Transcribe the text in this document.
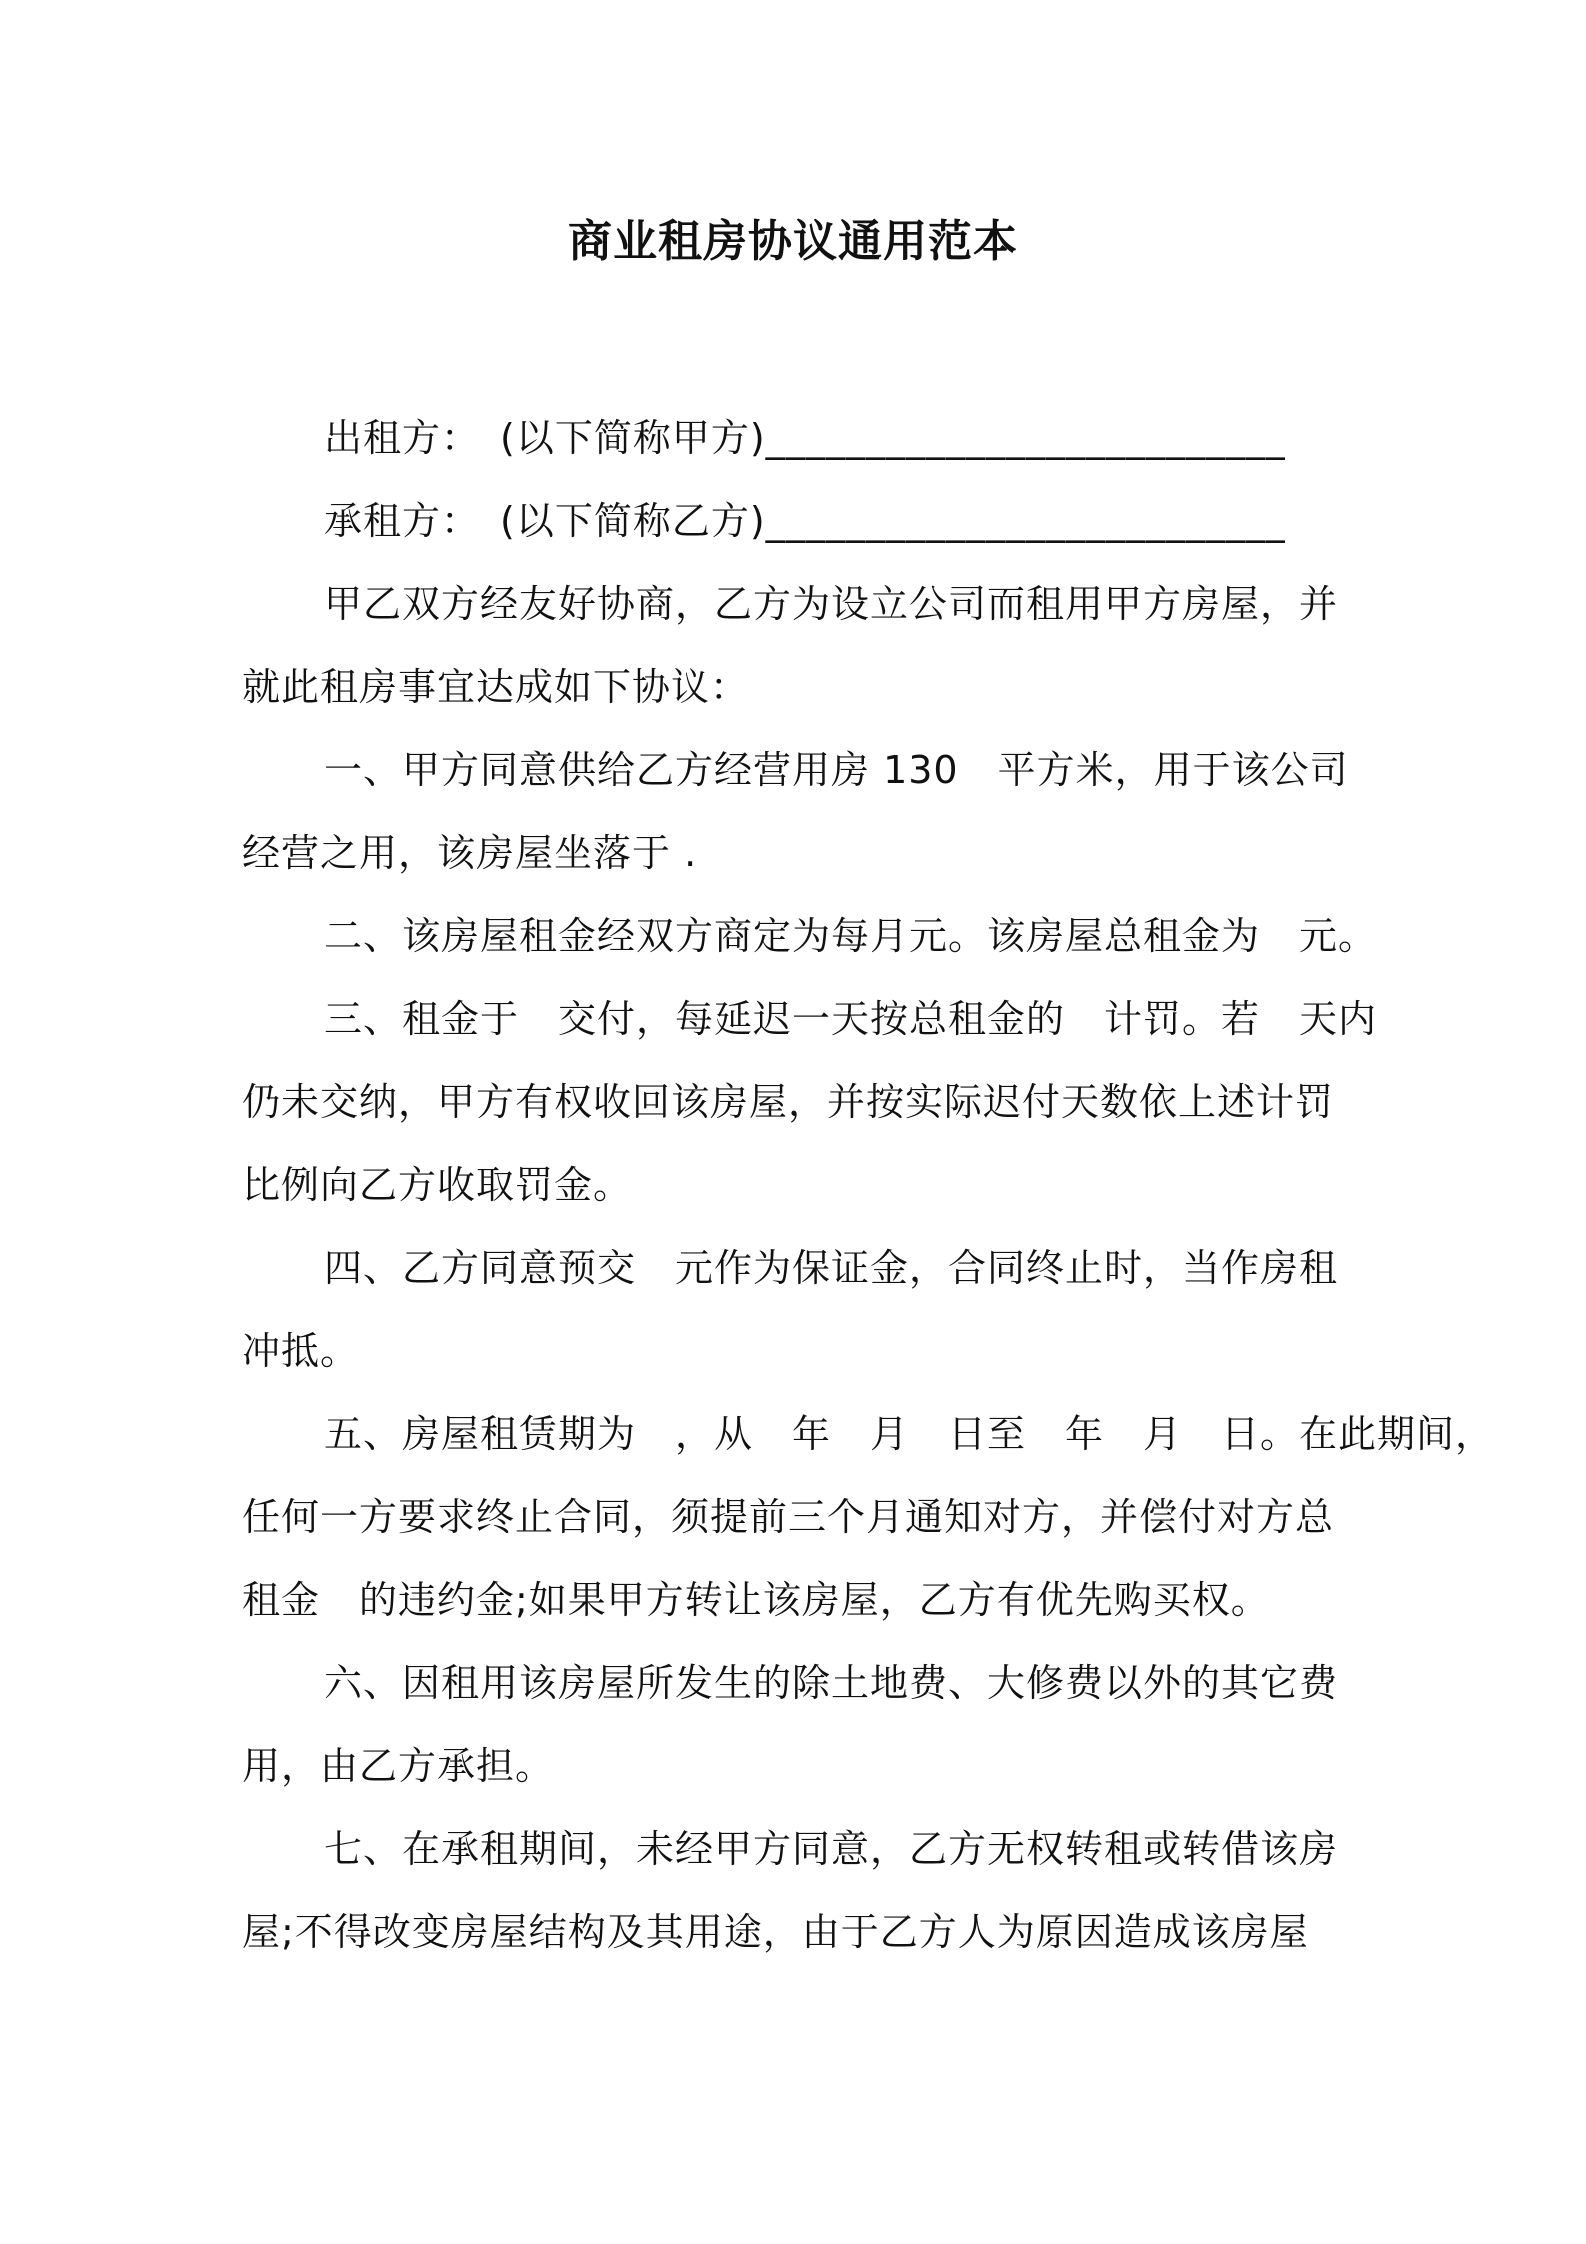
商业租房协议通用范本
出租方：　(以下简称甲方)__________________________
承租方：　(以下简称乙方)__________________________
甲乙双方经友好协商，乙方为设立公司而租用甲方房屋，并
就此租房事宜达成如下协议：
一、甲方同意供给乙方经营用房 130　平方米，用于该公司
经营之用，该房屋坐落于 .
二、该房屋租金经双方商定为每月元。该房屋总租金为　元。
三、租金于　交付，每延迟一天按总租金的　计罚。若　天内
仍未交纳，甲方有权收回该房屋，并按实际迟付天数依上述计罚
比例向乙方收取罚金。
四、乙方同意预交　元作为保证金，合同终止时，当作房租
冲抵。
五、房屋租赁期为　，从　年　月　日至　年　月　日。在此期间，
任何一方要求终止合同，须提前三个月通知对方，并偿付对方总
租金　的违约金;如果甲方转让该房屋，乙方有优先购买权。
六、因租用该房屋所发生的除土地费、大修费以外的其它费
用，由乙方承担。
七、在承租期间，未经甲方同意，乙方无权转租或转借该房
屋;不得改变房屋结构及其用途，由于乙方人为原因造成该房屋
